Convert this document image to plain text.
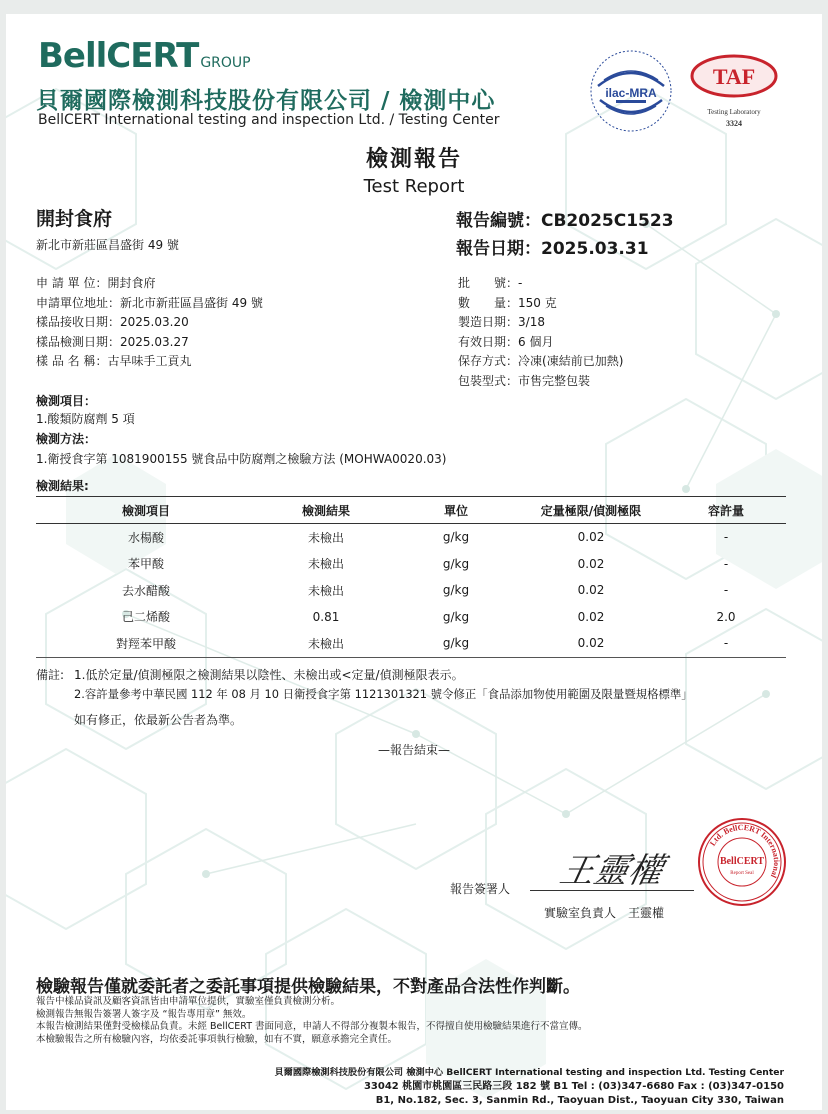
BellCERT GROUP
貝爾國際檢測科技股份有限公司 / 檢測中心
BellCERT International testing and inspection Ltd. / Testing Center
ilac-MRA
TAF
Testing Laboratory
3324
檢測報告
Test Report
開封食府
新北市新莊區昌盛街 49 號
報告編號：CB2025C1523
報告日期：2025.03.31
申 請 單 位：開封食府
申請單位地址：新北市新莊區昌盛街 49 號
樣品接收日期：2025.03.20
樣品檢測日期：2025.03.27
樣 品 名 稱：古早味手工貢丸
批　　號：-
數　　量：150 克
製造日期：3/18
有效日期：6 個月
保存方式：冷凍(凍結前已加熱)
包裝型式：市售完整包裝
檢測項目：
1.酸類防腐劑 5 項
檢測方法：
1.衛授食字第 1081900155 號食品中防腐劑之檢驗方法 (MOHWA0020.03)
檢測結果:
檢測項目	檢測結果	單位	定量極限/偵測極限	容許量
水楊酸	未檢出	g/kg	0.02	-
苯甲酸	未檢出	g/kg	0.02	-
去水醋酸	未檢出	g/kg	0.02	-
己二烯酸	0.81	g/kg	0.02	2.0
對羥苯甲酸	未檢出	g/kg	0.02	-
備註: 1.低於定量/偵測極限之檢測結果以陰性、未檢出或<定量/偵測極限表示。
2.容許量參考中華民國 112 年 08 月 10 日衛授食字第 1121301321 號令修正「食品添加物使用範圍及限量暨規格標準」
如有修正，依最新公告者為準。
—報告結束—
報告簽署人 王靈權
實驗室負責人　王靈權
Ltd. BellCERT International
BellCERT
Report Seal
檢驗報告僅就委託者之委託事項提供檢驗結果，不對產品合法性作判斷。
報告中樣品資訊及顧客資訊皆由申請單位提供，實驗室僅負責檢測分析。
檢測報告無報告簽署人簽字及 “報告專用章” 無效。
本報告檢測結果僅對受檢樣品負責。未經 BellCERT 書面同意，申請人不得部分複製本報告，不得擅自使用檢驗結果進行不當宣傳。
本檢驗報告之所有檢驗內容，均依委託事項執行檢驗，如有不實，願意承擔完全責任。
貝爾國際檢測科技股份有限公司 檢測中心 BellCERT International testing and inspection Ltd. Testing Center
33042 桃園市桃園區三民路三段 182 號 B1 Tel : (03)347-6680 Fax : (03)347-0150
B1, No.182, Sec. 3, Sanmin Rd., Taoyuan Dist., Taoyuan City 330, Taiwan
